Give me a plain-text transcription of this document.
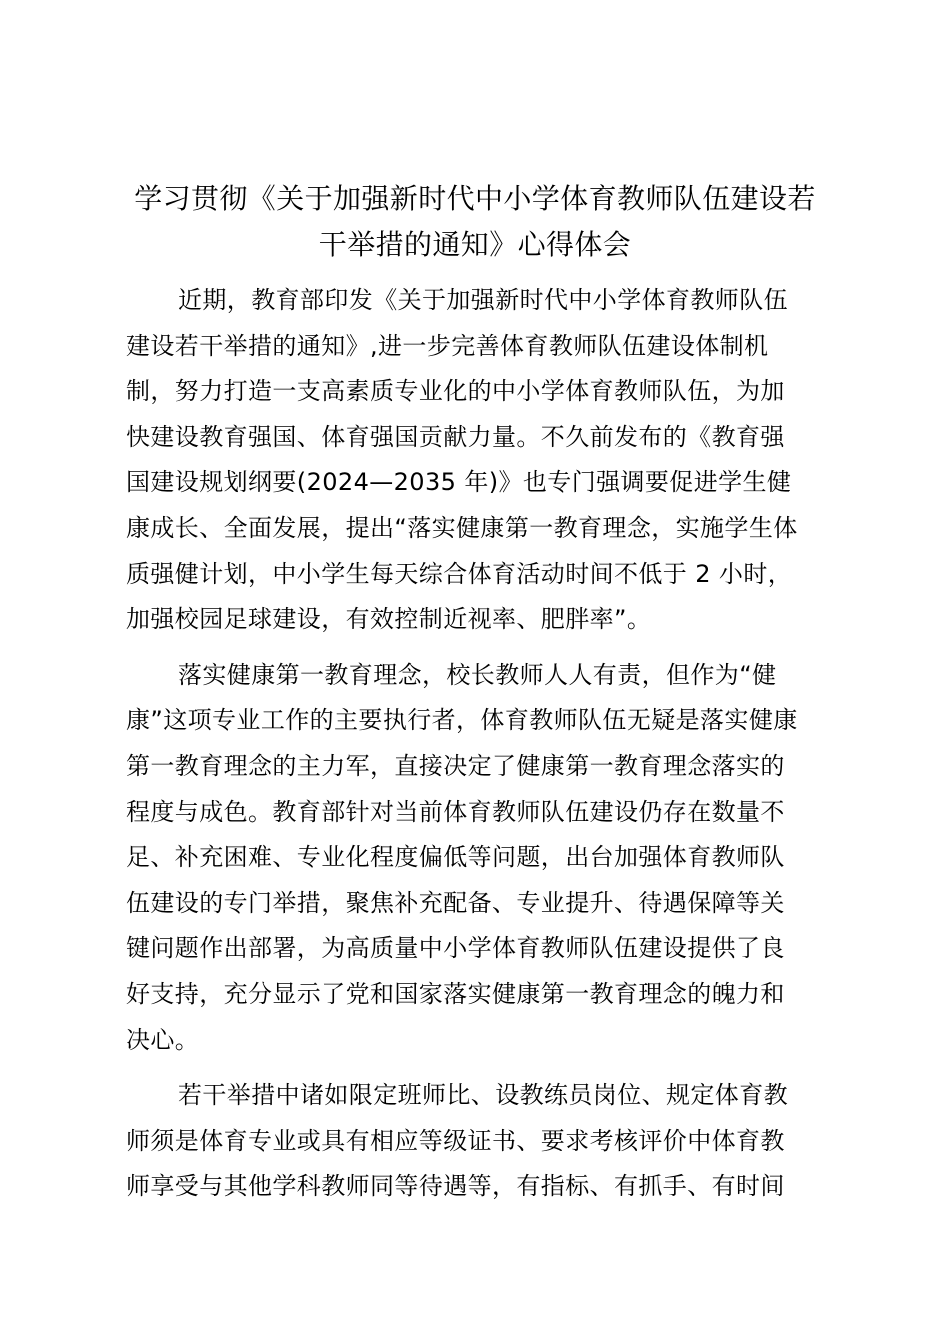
学习贯彻《关于加强新时代中小学体育教师队伍建设若
干举措的通知》心得体会

近期，教育部印发《关于加强新时代中小学体育教师队伍
建设若干举措的通知》,进一步完善体育教师队伍建设体制机
制，努力打造一支高素质专业化的中小学体育教师队伍，为加
快建设教育强国、体育强国贡献力量。不久前发布的《教育强
国建设规划纲要(2024—2035 年)》也专门强调要促进学生健
康成长、全面发展，提出“落实健康第一教育理念，实施学生体
质强健计划，中小学生每天综合体育活动时间不低于 2 小时，
加强校园足球建设，有效控制近视率、肥胖率”。

落实健康第一教育理念，校长教师人人有责，但作为“健
康”这项专业工作的主要执行者，体育教师队伍无疑是落实健康
第一教育理念的主力军，直接决定了健康第一教育理念落实的
程度与成色。教育部针对当前体育教师队伍建设仍存在数量不
足、补充困难、专业化程度偏低等问题，出台加强体育教师队
伍建设的专门举措，聚焦补充配备、专业提升、待遇保障等关
键问题作出部署，为高质量中小学体育教师队伍建设提供了良
好支持，充分显示了党和国家落实健康第一教育理念的魄力和
决心。

若干举措中诸如限定班师比、设教练员岗位、规定体育教
师须是体育专业或具有相应等级证书、要求考核评价中体育教
师享受与其他学科教师同等待遇等，有指标、有抓手、有时间
